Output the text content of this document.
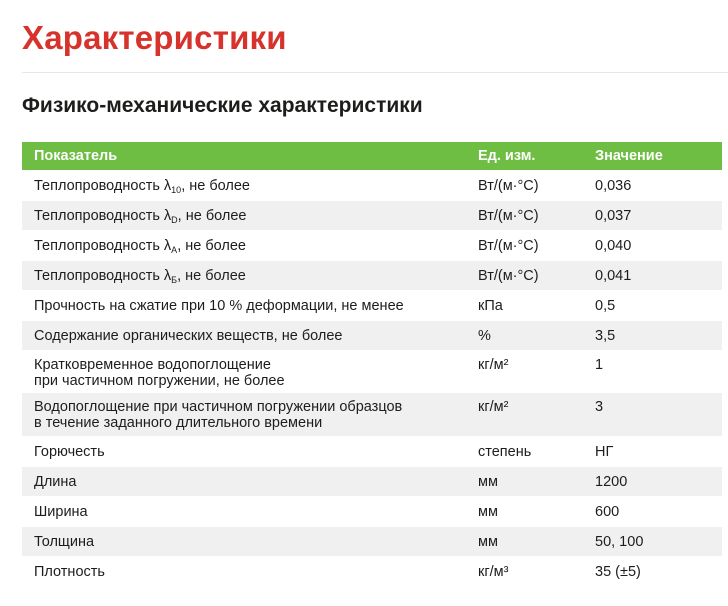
Характеристики
Физико-механические характеристики
Показатель	Ед. изм.	Значение
Теплопроводность $\lambda_{10}$, не более	Вт/(м·°С)	0,036
Теплопроводность $\lambda_D$, не более	Вт/(м·°С)	0,037
Теплопроводность $\lambda_А$, не более	Вт/(м·°С)	0,040
Теплопроводность $\lambda_Б$, не более	Вт/(м·°С)	0,041
Прочность на сжатие при 10 % деформации, не менее	кПа	0,5
Содержание органических веществ, не более	%	3,5
Кратковременное водопоглощение
при частичном погружении, не более
кг/м²	1
Водопоглощение при частичном погружении образцов
в течение заданного длительного времени
кг/м²	3
Горючесть	степень	НГ
Длина	мм	1200
Ширина	мм	600
Толщина	мм	50, 100
Плотность	кг/м³	35 (±5)
